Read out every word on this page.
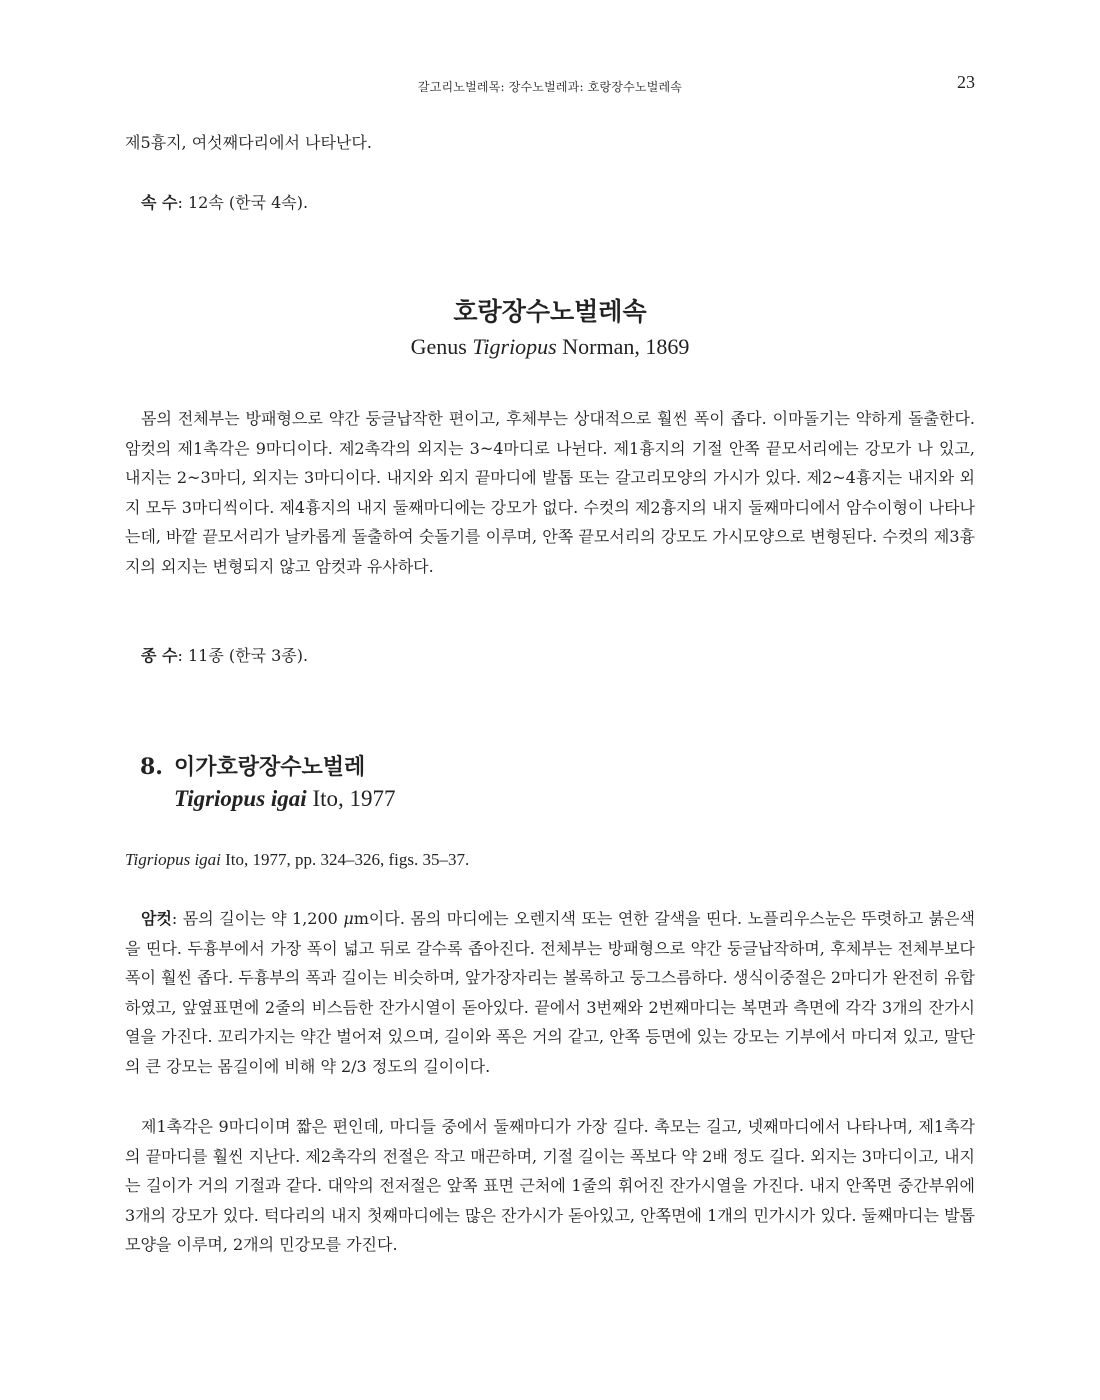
갈고리노벌레목: 장수노벌레과: 호랑장수노벌레속	23
제5흉지, 여섯째다리에서 나타난다.
속 수: 12속 (한국 4속).
호랑장수노벌레속
Genus Tigriopus Norman, 1869
몸의 전체부는 방패형으로 약간 둥글납작한 편이고, 후체부는 상대적으로 훨씬 폭이 좁다. 이마돌기는 약하게 돌출한다. 암컷의 제1촉각은 9마디이다. 제2촉각의 외지는 3~4마디로 나뉜다. 제1흉지의 기절 안쪽 끝모서리에는 강모가 나 있고, 내지는 2~3마디, 외지는 3마디이다. 내지와 외지 끝마디에 발톱 또는 갈고리모양의 가시가 있다. 제2~4흉지는 내지와 외지 모두 3마디씩이다. 제4흉지의 내지 둘째마디에는 강모가 없다. 수컷의 제2흉지의 내지 둘째마디에서 암수이형이 나타나는데, 바깥 끝모서리가 날카롭게 돌출하여 숫돌기를 이루며, 안쪽 끝모서리의 강모도 가시모양으로 변형된다. 수컷의 제3흉지의 외지는 변형되지 않고 암컷과 유사하다.
종 수: 11종 (한국 3종).
8. 이가호랑장수노벌레
Tigriopus igai Ito, 1977
Tigriopus igai Ito, 1977, pp. 324–326, figs. 35–37.
암컷: 몸의 길이는 약 1,200 μm이다. 몸의 마디에는 오렌지색 또는 연한 갈색을 띤다. 노플리우스눈은 뚜렷하고 붉은색을 띤다. 두흉부에서 가장 폭이 넓고 뒤로 갈수록 좁아진다. 전체부는 방패형으로 약간 둥글납작하며, 후체부는 전체부보다 폭이 훨씬 좁다. 두흉부의 폭과 길이는 비슷하며, 앞가장자리는 볼록하고 둥그스름하다. 생식이중절은 2마디가 완전히 유합하였고, 앞옆표면에 2줄의 비스듬한 잔가시열이 돋아있다. 끝에서 3번째와 2번째마디는 복면과 측면에 각각 3개의 잔가시열을 가진다. 꼬리가지는 약간 벌어져 있으며, 길이와 폭은 거의 같고, 안쪽 등면에 있는 강모는 기부에서 마디져 있고, 말단의 큰 강모는 몸길이에 비해 약 2/3 정도의 길이이다.
제1촉각은 9마디이며 짧은 편인데, 마디들 중에서 둘째마디가 가장 길다. 촉모는 길고, 넷째마디에서 나타나며, 제1촉각의 끝마디를 훨씬 지난다. 제2촉각의 전절은 작고 매끈하며, 기절 길이는 폭보다 약 2배 정도 길다. 외지는 3마디이고, 내지는 길이가 거의 기절과 같다. 대악의 전저절은 앞쪽 표면 근처에 1줄의 휘어진 잔가시열을 가진다. 내지 안쪽면 중간부위에 3개의 강모가 있다. 턱다리의 내지 첫째마디에는 많은 잔가시가 돋아있고, 안쪽면에 1개의 민가시가 있다. 둘째마디는 발톱모양을 이루며, 2개의 민강모를 가진다.
